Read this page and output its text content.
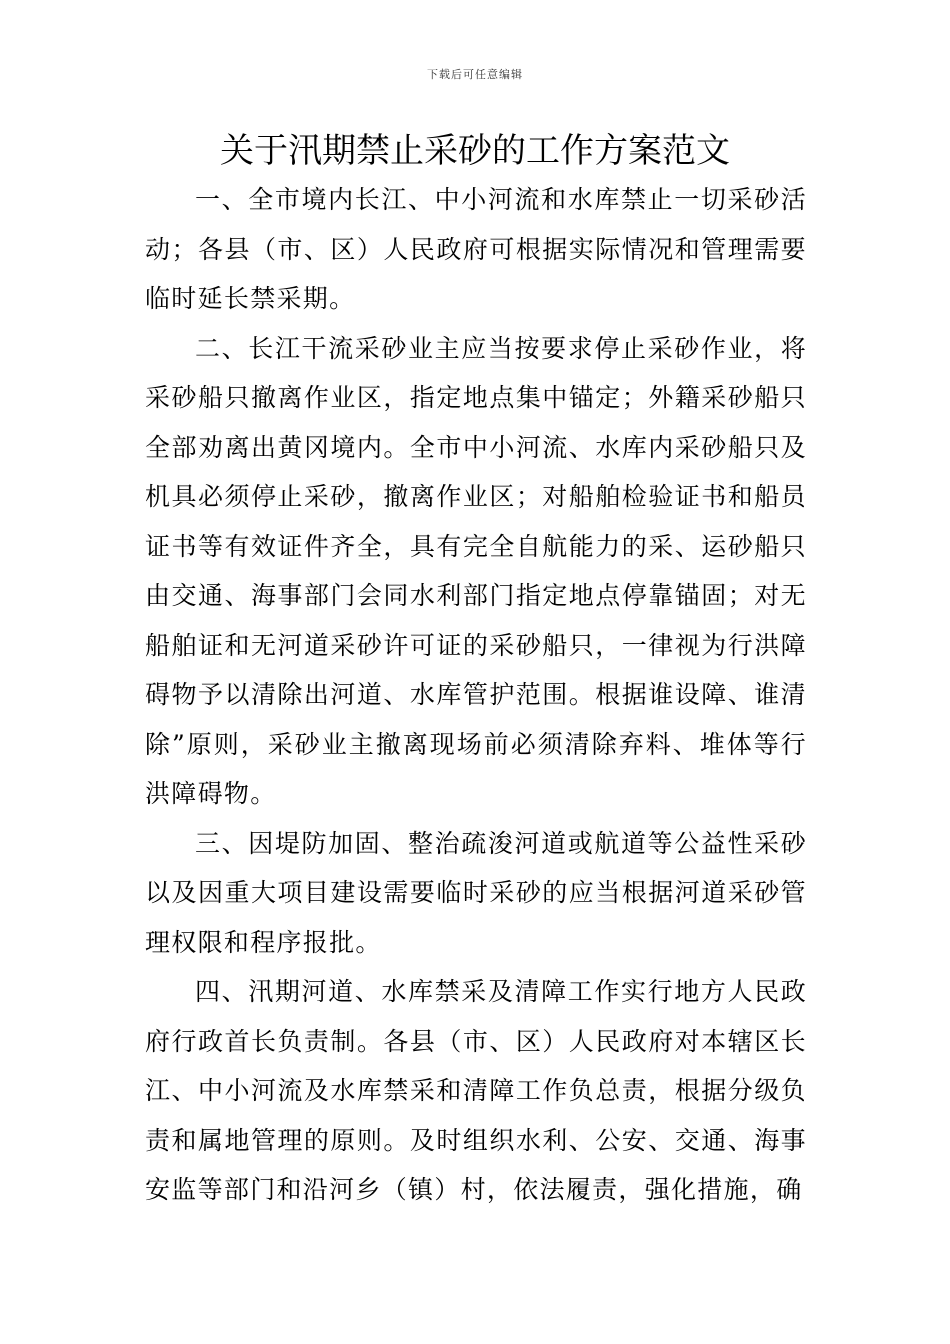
下载后可任意编辑
关于汛期禁止采砂的工作方案范文

一、全市境内长江、中小河流和水库禁止一切采砂活动；各县（市、区）人民政府可根据实际情况和管理需要临时延长禁采期。

二、长江干流采砂业主应当按要求停止采砂作业，将采砂船只撤离作业区，指定地点集中锚定；外籍采砂船只全部劝离出黄冈境内。全市中小河流、水库内采砂船只及机具必须停止采砂，撤离作业区；对船舶检验证书和船员证书等有效证件齐全，具有完全自航能力的采、运砂船只由交通、海事部门会同水利部门指定地点停靠锚固；对无船舶证和无河道采砂许可证的采砂船只，一律视为行洪障碍物予以清除出河道、水库管护范围。根据谁设障、谁清除”原则，采砂业主撤离现场前必须清除弃料、堆体等行洪障碍物。

三、因堤防加固、整治疏浚河道或航道等公益性采砂以及因重大项目建设需要临时采砂的应当根据河道采砂管理权限和程序报批。

四、汛期河道、水库禁采及清障工作实行地方人民政府行政首长负责制。各县（市、区）人民政府对本辖区长江、中小河流及水库禁采和清障工作负总责，根据分级负责和属地管理的原则。及时组织水利、公安、交通、海事安监等部门和沿河乡（镇）村，依法履责，强化措施，确
